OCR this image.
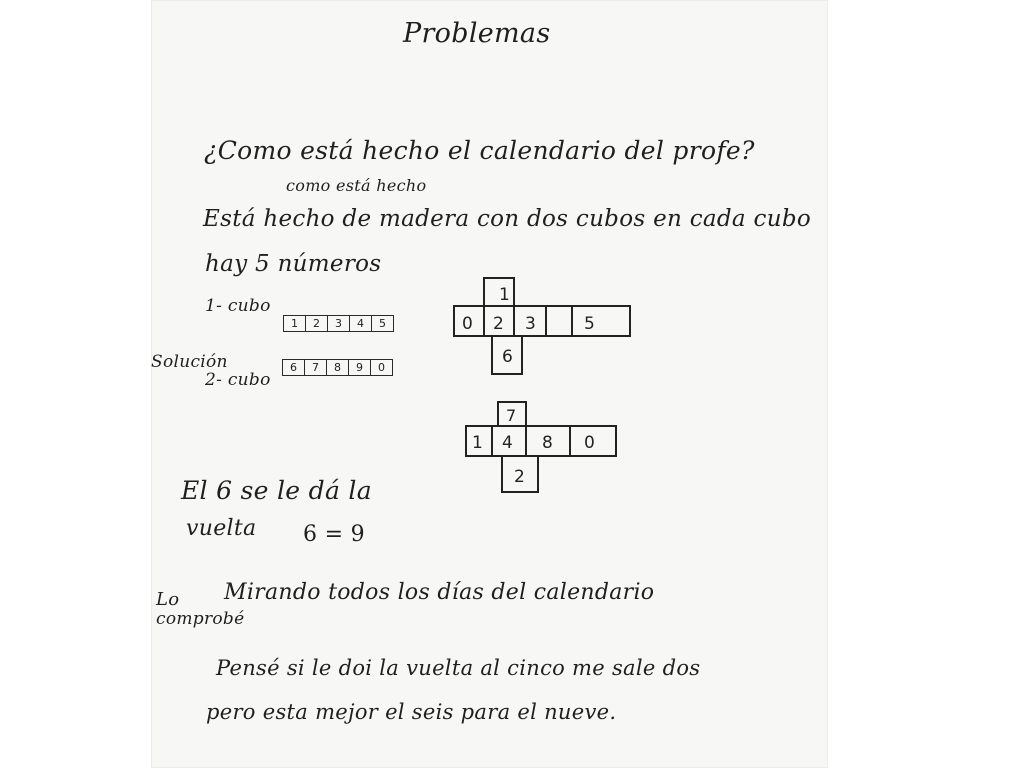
Problemas
¿Como está hecho el calendario del profe?
como está hecho
Está hecho de madera con dos cubos en cada cubo
hay 5 números
1- cubo
1	2	3	4	5
Solución
2- cubo
6	7	8	9	0
1
0 2 3	5
6
7
1 4 8 0
2
El 6 se le dá la
vuelta 6 = 9
Lo
comprobé
Mirando todos los días del calendario
Pensé si le doi la vuelta al cinco me sale dos
pero esta mejor el seis para el nueve.
